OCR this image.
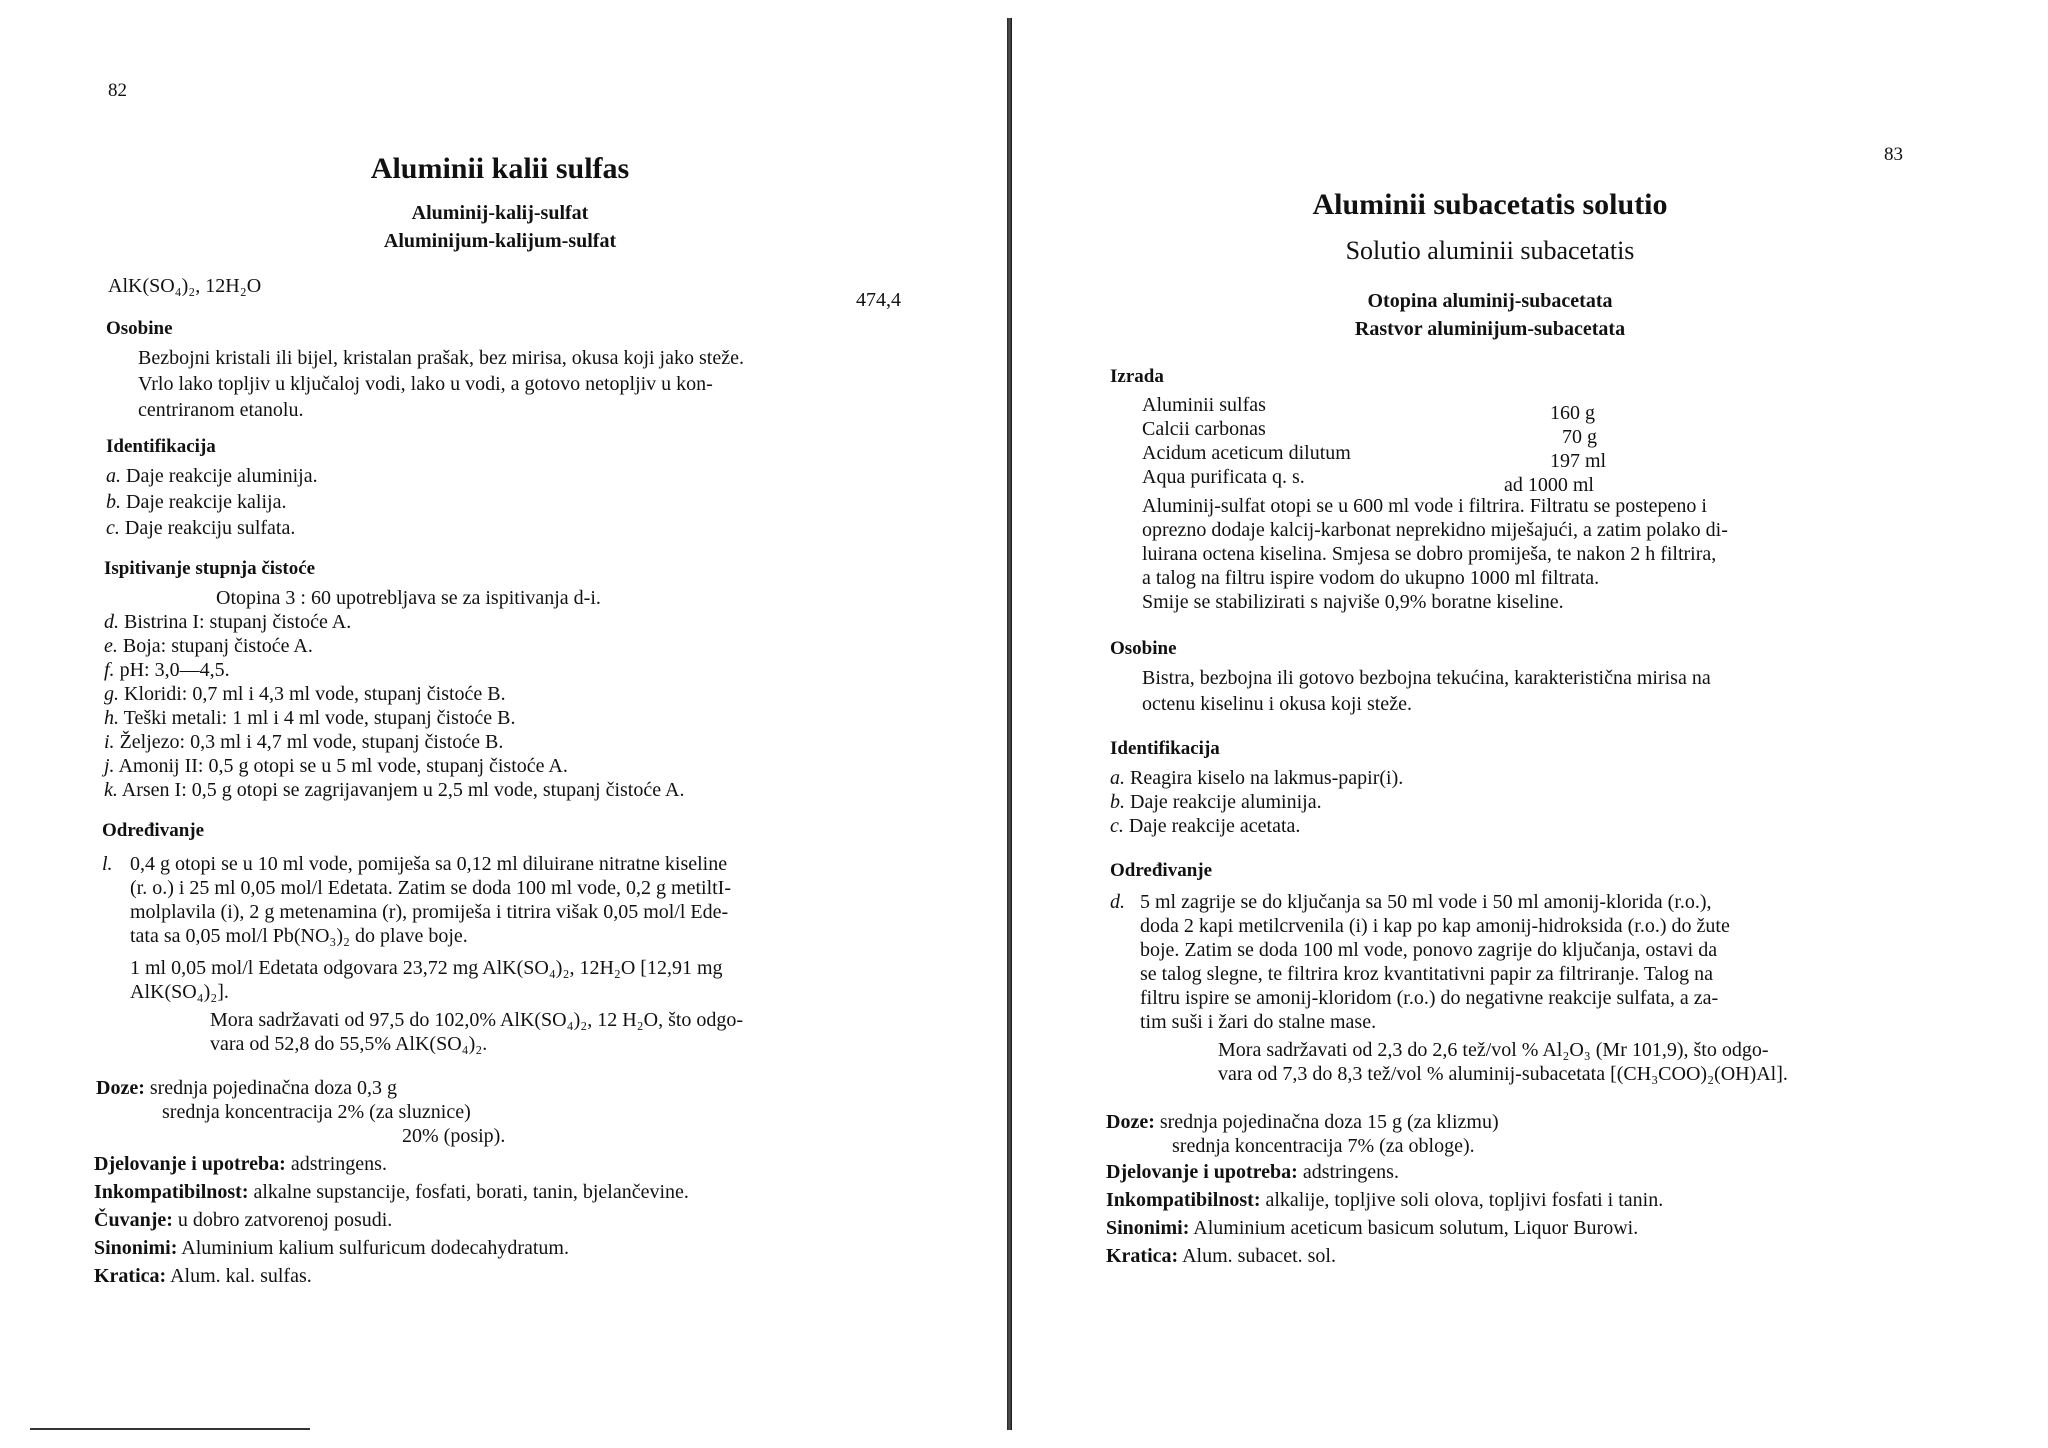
82
Aluminii kalii sulfas
Aluminij-kalij-sulfat
Aluminijum-kalijum-sulfat
AlK(SO₄)₂, 12H₂O
474,4
Osobine
Bezbojni kristali ili bijel, kristalan prašak, bez mirisa, okusa koji jako steže.
Vrlo lako topljiv u ključaloj vodi, lako u vodi, a gotovo netopljiv u kon-
centriranom etanolu.
Identifikacija
a. Daje reakcije aluminija.
b. Daje reakcije kalija.
c. Daje reakciju sulfata.
Ispitivanje stupnja čistoće
Otopina 3 : 60 upotrebljava se za ispitivanja d-i.
d. Bistrina I: stupanj čistoće A.
e. Boja: stupanj čistoće A.
f. pH: 3,0—4,5.
g. Kloridi: 0,7 ml i 4,3 ml vode, stupanj čistoće B.
h. Teški metali: 1 ml i 4 ml vode, stupanj čistoće B.
i. Željezo: 0,3 ml i 4,7 ml vode, stupanj čistoće B.
j. Amonij II: 0,5 g otopi se u 5 ml vode, stupanj čistoće A.
k. Arsen I: 0,5 g otopi se zagrijavanjem u 2,5 ml vode, stupanj čistoće A.
Određivanje
l. 0,4 g otopi se u 10 ml vode, pomiješa sa 0,12 ml diluirane nitratne kiseline
(r. o.) i 25 ml 0,05 mol/l Edetata. Zatim se doda 100 ml vode, 0,2 g metiltI-
molplavila (i), 2 g metenamina (r), promiješa i titrira višak 0,05 mol/l Ede-
tata sa 0,05 mol/l Pb(NO₃)₂ do plave boje.
1 ml 0,05 mol/l Edetata odgovara 23,72 mg AlK(SO₄)₂, 12H₂O [12,91 mg
AlK(SO₄)₂].
Mora sadržavati od 97,5 do 102,0% AlK(SO₄)₂, 12 H₂O, što odgo-
vara od 52,8 do 55,5% AlK(SO₄)₂.
Doze: srednja pojedinačna doza 0,3 g
srednja koncentracija 2% (za sluznice)
20% (posip).
Djelovanje i upotreba: adstringens.
Inkompatibilnost: alkalne supstancije, fosfati, borati, tanin, bjelančevine.
Čuvanje: u dobro zatvorenoj posudi.
Sinonimi: Aluminium kalium sulfuricum dodecahydratum.
Kratica: Alum. kal. sulfas.
83
Aluminii subacetatis solutio
Solutio aluminii subacetatis
Otopina aluminij-subacetata
Rastvor aluminijum-subacetata
Izrada
Aluminii sulfas	160 g
Calcii carbonas	70 g
Acidum aceticum dilutum	197 ml
Aqua purificata q. s.	ad 1000 ml
Aluminij-sulfat otopi se u 600 ml vode i filtrira. Filtratu se postepeno i
oprezno dodaje kalcij-karbonat neprekidno miješajući, a zatim polako di-
luirana octena kiselina. Smjesa se dobro promiješa, te nakon 2 h filtrira,
a talog na filtru ispire vodom do ukupno 1000 ml filtrata.
Smije se stabilizirati s najviše 0,9% boratne kiseline.
Osobine
Bistra, bezbojna ili gotovo bezbojna tekućina, karakteristična mirisa na
octenu kiselinu i okusa koji steže.
Identifikacija
a. Reagira kiselo na lakmus-papir(i).
b. Daje reakcije aluminija.
c. Daje reakcije acetata.
Određivanje
d. 5 ml zagrije se do ključanja sa 50 ml vode i 50 ml amonij-klorida (r.o.),
doda 2 kapi metilcrvenila (i) i kap po kap amonij-hidroksida (r.o.) do žute
boje. Zatim se doda 100 ml vode, ponovo zagrije do ključanja, ostavi da
se talog slegne, te filtrira kroz kvantitativni papir za filtriranje. Talog na
filtru ispire se amonij-kloridom (r.o.) do negativne reakcije sulfata, a za-
tim suši i žari do stalne mase.
Mora sadržavati od 2,3 do 2,6 tež/vol % Al₂O₃ (Mr 101,9), što odgo-
vara od 7,3 do 8,3 tež/vol % aluminij-subacetata [(CH₃COO)₂(OH)Al].
Doze: srednja pojedinačna doza 15 g (za klizmu)
srednja koncentracija 7% (za obloge).
Djelovanje i upotreba: adstringens.
Inkompatibilnost: alkalije, topljive soli olova, topljivi fosfati i tanin.
Sinonimi: Aluminium aceticum basicum solutum, Liquor Burowi.
Kratica: Alum. subacet. sol.
